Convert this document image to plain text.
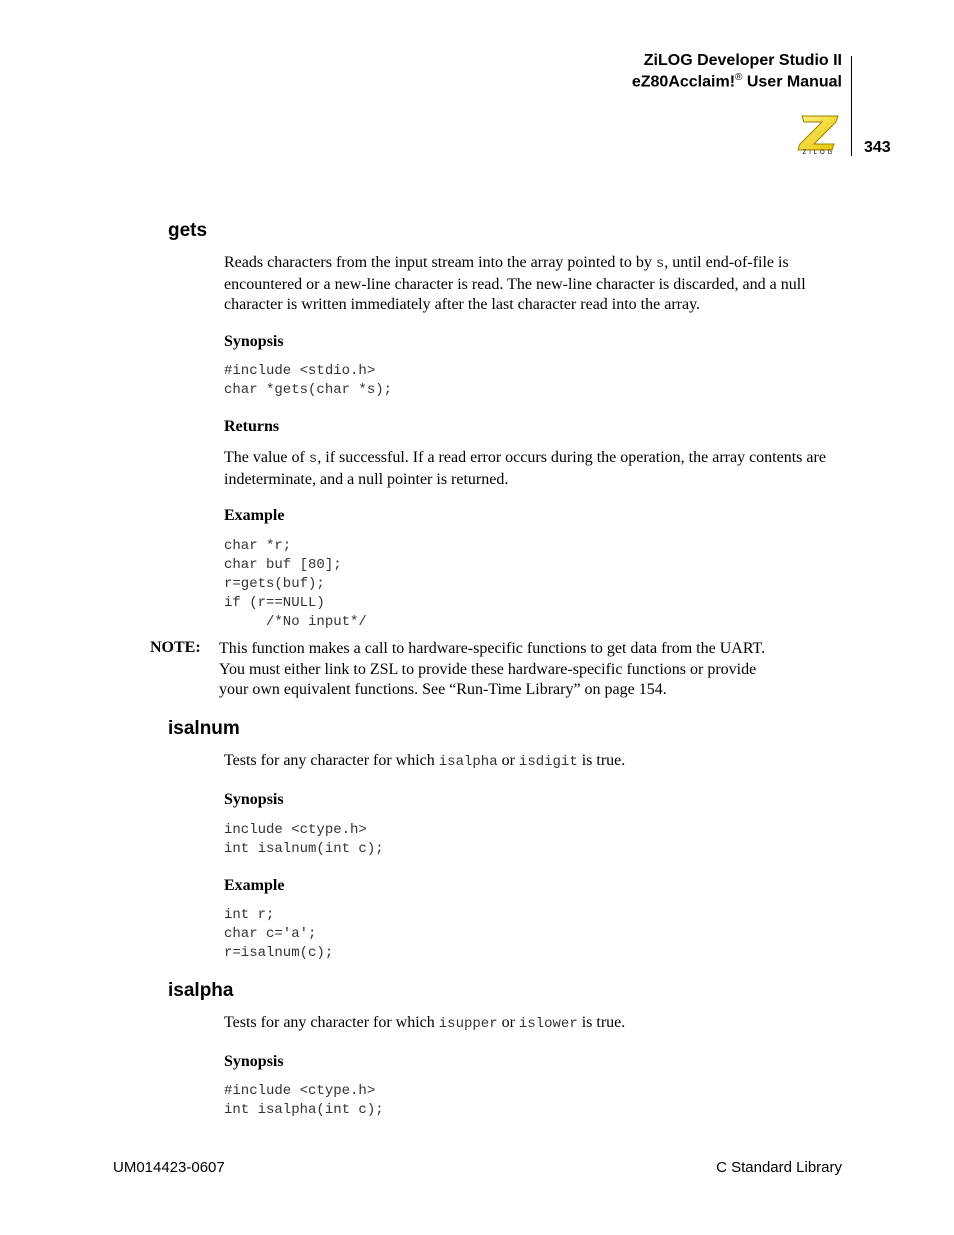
ZiLOG Developer Studio II
eZ80Acclaim!® User Manual
ZiLOG	343
gets

Reads characters from the input stream into the array pointed to by s, until end-of-file is encountered or a new-line character is read. The new-line character is discarded, and a null character is written immediately after the last character read into the array.

Synopsis
#include <stdio.h>
char *gets(char *s);
Returns

The value of s, if successful. If a read error occurs during the operation, the array contents are indeterminate, and a null pointer is returned.

Example
char *r;
char buf [80];
r=gets(buf);
if (r==NULL)
/*No input*/
NOTE: This function makes a call to hardware-specific functions to get data from the UART. You must either link to ZSL to provide these hardware-specific functions or provide your own equivalent functions. See “Run-Time Library” on page 154.

isalnum

Tests for any character for which isalpha or isdigit is true.

Synopsis
include <ctype.h>
int isalnum(int c);
Example
int r;
char c='a';
r=isalnum(c);
isalpha

Tests for any character for which isupper or islower is true.

Synopsis
#include <ctype.h>
int isalpha(int c);
UM014423-0607	C Standard Library
